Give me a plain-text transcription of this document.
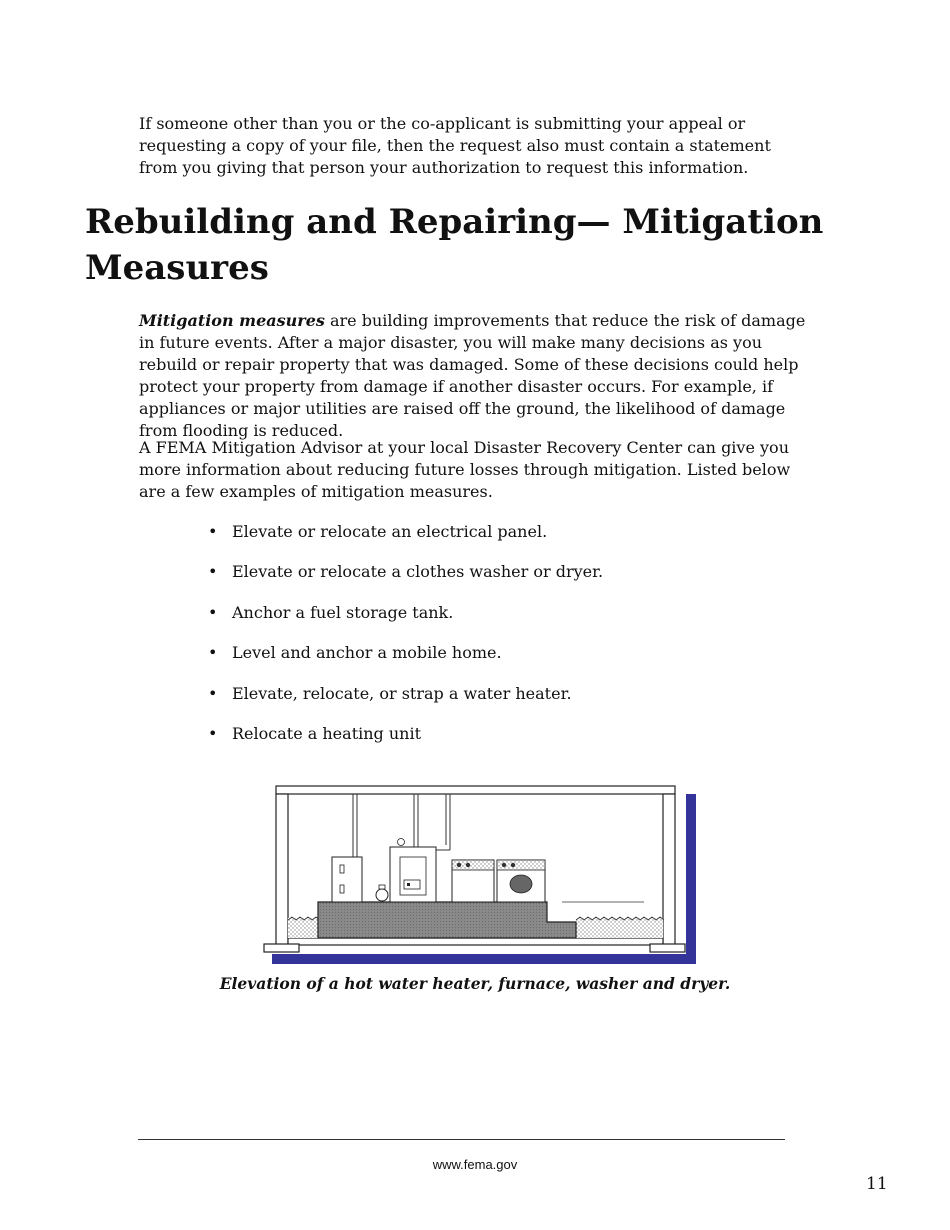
If someone other than you or the co-applicant is submitting your appeal or requesting a copy of your file, then the request also must contain a statement from you giving that person your authorization to request this information.

Rebuilding and Repairing— Mitigation Measures

Mitigation measures are building improvements that reduce the risk of damage in future events. After a major disaster, you will make many decisions as you rebuild or repair property that was damaged. Some of these decisions could help protect your property from damage if another disaster occurs. For example, if appliances or major utilities are raised off the ground, the likelihood of damage from flooding is reduced.

A FEMA Mitigation Advisor at your local Disaster Recovery Center can give you more information about reducing future losses through mitigation. Listed below are a few examples of mitigation measures.

• Elevate or relocate an electrical panel.
• Elevate or relocate a clothes washer or dryer.
• Anchor a fuel storage tank.
• Level and anchor a mobile home.
• Elevate, relocate, or strap a water heater.
• Relocate a heating unit
Elevation of a hot water heater, furnace, washer and dryer.
www.fema.gov
11
